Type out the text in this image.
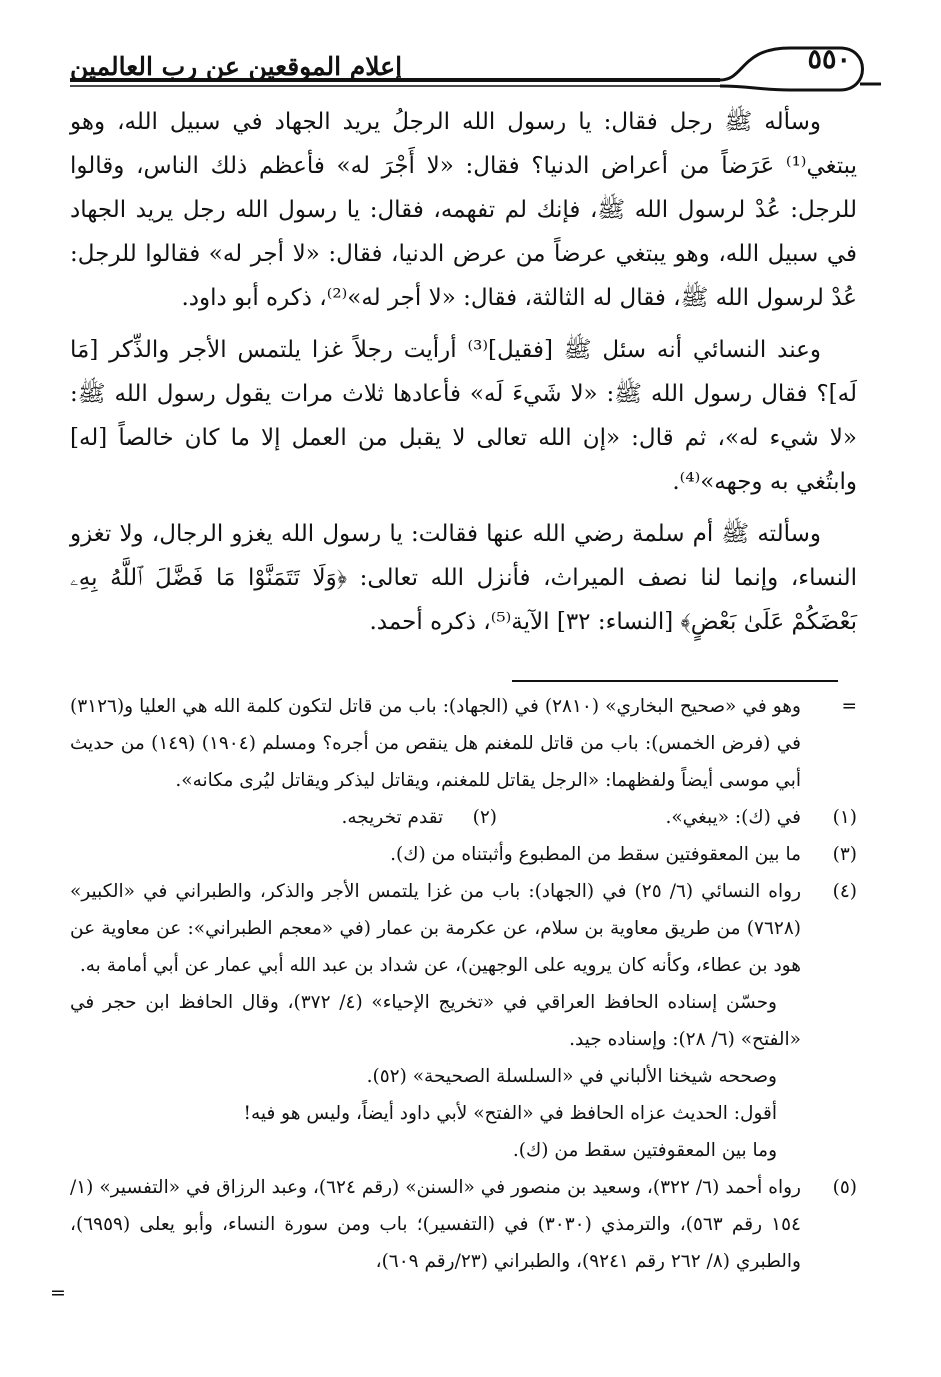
إعلام الموقعين عن رب العالمين	٥٥٠

وسأله ﷺ رجل فقال: يا رسول الله الرجلُ يريد الجهاد في سبيل الله، وهو يبتغي⁽¹⁾ عَرَضاً من أعراض الدنيا؟ فقال: «لا أَجْرَ له» فأعظم ذلك الناس، وقالوا للرجل: عُدْ لرسول الله ﷺ، فإنك لم تفهمه، فقال: يا رسول الله رجل يريد الجهاد في سبيل الله، وهو يبتغي عرضاً من عرض الدنيا، فقال: «لا أجر له» فقالوا للرجل: عُدْ لرسول الله ﷺ، فقال له الثالثة، فقال: «لا أجر له»⁽²⁾، ذكره أبو داود.

وعند النسائي أنه سئل ﷺ [فقيل]⁽³⁾ أرأيت رجلاً غزا يلتمس الأجر والذِّكر [مَا لَه]؟ فقال رسول الله ﷺ: «لا شَيءَ لَه» فأعادها ثلاث مرات يقول رسول الله ﷺ: «لا شيء له»، ثم قال: «إن الله تعالى لا يقبل من العمل إلا ما كان خالصاً [له] وابتُغي به وجهه»⁽⁴⁾.

وسألته ﷺ أم سلمة رضي الله عنها فقالت: يا رسول الله يغزو الرجال، ولا تغزو النساء، وإنما لنا نصف الميراث، فأنزل الله تعالى: ﴿وَلَا تَتَمَنَّوْا مَا فَضَّلَ ٱللَّهُ بِهِۦ بَعْضَكُمْ عَلَىٰ بَعْضٍ﴾ [النساء: ٣٢] الآية⁽⁵⁾، ذكره أحمد.

=

وهو في «صحيح البخاري» (٢٨١٠) في (الجهاد): باب من قاتل لتكون كلمة الله هي العليا و(٣١٢٦) في (فرض الخمس): باب من قاتل للمغنم هل ينقص من أجره؟ ومسلم (١٩٠٤) (١٤٩) من حديث أبي موسى أيضاً ولفظهما: «الرجل يقاتل للمغنم، ويقاتل ليذكر ويقاتل ليُرى مكانه».

(١)
في (ك): «يبغي».
(٢)     تقدم تخريجه.
(٣)

ما بين المعقوفتين سقط من المطبوع وأثبتناه من (ك).

(٤)

رواه النسائي (٦/ ٢٥) في (الجهاد): باب من غزا يلتمس الأجر والذكر، والطبراني في «الكبير» (٧٦٢٨) من طريق معاوية بن سلام، عن عكرمة بن عمار (في «معجم الطبراني»: عن معاوية عن هود بن عطاء، وكأنه كان يرويه على الوجهين)، عن شداد بن عبد الله أبي عمار عن أبي أمامة به.

وحسّن إسناده الحافظ العراقي في «تخريج الإحياء» (٤/ ٣٧٢)، وقال الحافظ ابن حجر في «الفتح» (٦/ ٢٨): وإسناده جيد.

وصححه شيخنا الألباني في «السلسلة الصحيحة» (٥٢).

أقول: الحديث عزاه الحافظ في «الفتح» لأبي داود أيضاً، وليس هو فيه!

وما بين المعقوفتين سقط من (ك).

(٥)

رواه أحمد (٦/ ٣٢٢)، وسعيد بن منصور في «السنن» (رقم ٦٢٤)، وعبد الرزاق في «التفسير» (١/ ١٥٤ رقم ٥٦٣)، والترمذي (٣٠٣٠) في (التفسير)؛ باب ومن سورة النساء، وأبو يعلى (٦٩٥٩)، والطبري (٨/ ٢٦٢ رقم ٩٢٤١)، والطبراني (٢٣/رقم ٦٠٩)،

=
